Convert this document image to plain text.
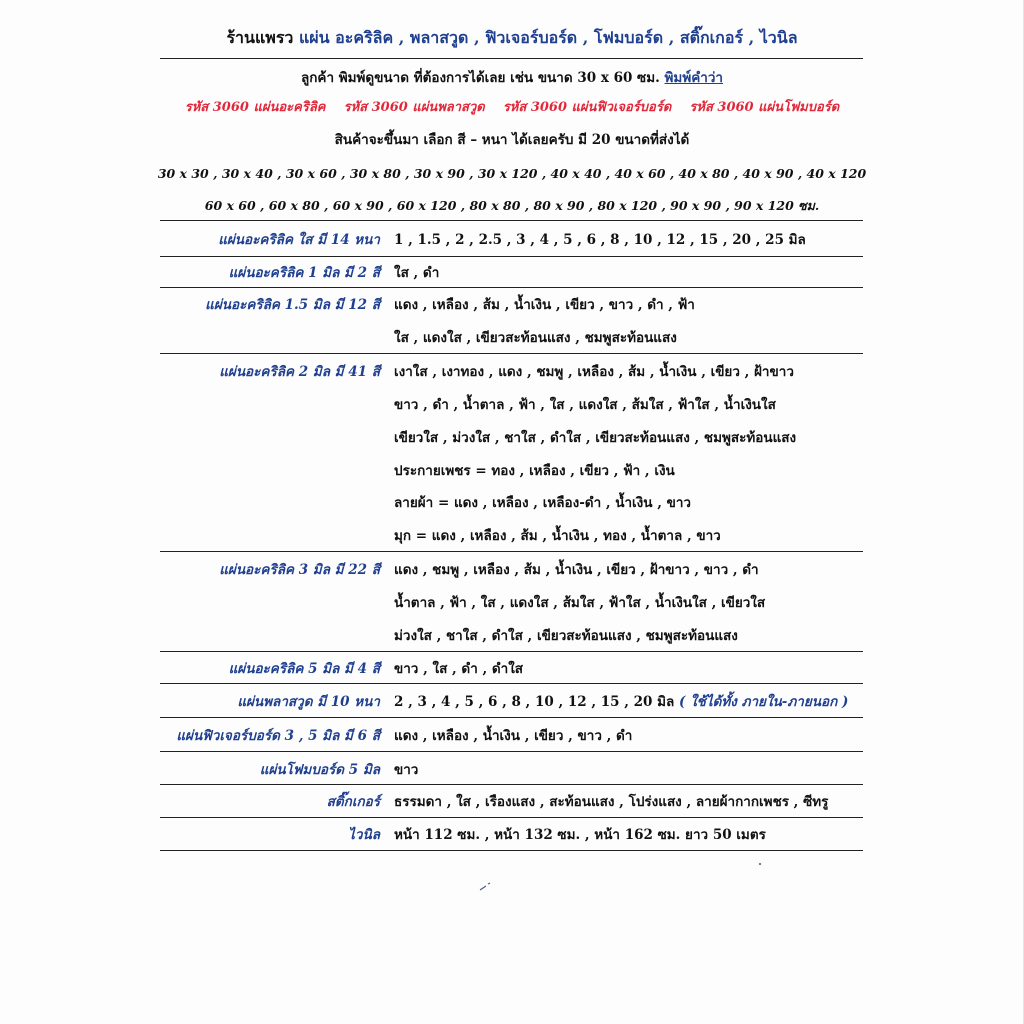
ร้านแพรว แผ่น อะคริลิค , พลาสวูด , ฟิวเจอร์บอร์ด , โฟมบอร์ด , สติ๊กเกอร์ , ไวนิล
ลูกค้า พิมพ์ดูขนาด ที่ต้องการได้เลย เช่น ขนาด 30 x 60 ซม. พิมพ์คำว่า
รหัส 3060 แผ่นอะคริลิค รหัส 3060 แผ่นพลาสวูด รหัส 3060 แผ่นฟิวเจอร์บอร์ด รหัส 3060 แผ่นโฟมบอร์ด
สินค้าจะขึ้นมา เลือก สี – หนา ได้เลยครับ มี 20 ขนาดที่ส่งได้
30 x 30 , 30 x 40 , 30 x 60 , 30 x 80 , 30 x 90 , 30 x 120 , 40 x 40 , 40 x 60 , 40 x 80 , 40 x 90 , 40 x 120
60 x 60 , 60 x 80 , 60 x 90 , 60 x 120 , 80 x 80 , 80 x 90 , 80 x 120 , 90 x 90 , 90 x 120 ซม.
แผ่นอะคริลิค ใส มี 14 หนา 1 , 1.5 , 2 , 2.5 , 3 , 4 , 5 , 6 , 8 , 10 , 12 , 15 , 20 , 25 มิล
แผ่นอะคริลิค 1 มิล มี 2 สี ใส , ดำ
แผ่นอะคริลิค 1.5 มิล มี 12 สี แดง , เหลือง , ส้ม , น้ำเงิน , เขียว , ขาว , ดำ , ฟ้า
ใส , แดงใส , เขียวสะท้อนแสง , ชมพูสะท้อนแสง
แผ่นอะคริลิค 2 มิล มี 41 สี เงาใส , เงาทอง , แดง , ชมพู , เหลือง , ส้ม , น้ำเงิน , เขียว , ฝ้าขาว
ขาว , ดำ , น้ำตาล , ฟ้า , ใส , แดงใส , ส้มใส , ฟ้าใส , น้ำเงินใส
เขียวใส , ม่วงใส , ชาใส , ดำใส , เขียวสะท้อนแสง , ชมพูสะท้อนแสง
ประกายเพชร = ทอง , เหลือง , เขียว , ฟ้า , เงิน
ลายผ้า = แดง , เหลือง , เหลือง-ดำ , น้ำเงิน , ขาว
มุก = แดง , เหลือง , ส้ม , น้ำเงิน , ทอง , น้ำตาล , ขาว
แผ่นอะคริลิค 3 มิล มี 22 สี แดง , ชมพู , เหลือง , ส้ม , น้ำเงิน , เขียว , ฝ้าขาว , ขาว , ดำ
น้ำตาล , ฟ้า , ใส , แดงใส , ส้มใส , ฟ้าใส , น้ำเงินใส , เขียวใส
ม่วงใส , ชาใส , ดำใส , เขียวสะท้อนแสง , ชมพูสะท้อนแสง
แผ่นอะคริลิค 5 มิล มี 4 สี ขาว , ใส , ดำ , ดำใส
แผ่นพลาสวูด มี 10 หนา 2 , 3 , 4 , 5 , 6 , 8 , 10 , 12 , 15 , 20 มิล ( ใช้ได้ทั้ง ภายใน-ภายนอก )
แผ่นฟิวเจอร์บอร์ด 3 , 5 มิล มี 6 สี แดง , เหลือง , น้ำเงิน , เขียว , ขาว , ดำ
แผ่นโฟมบอร์ด 5 มิล ขาว
สติ๊กเกอร์ ธรรมดา , ใส , เรืองแสง , สะท้อนแสง , โปร่งแสง , ลายผ้ากากเพชร , ซีทรู
ไวนิล หน้า 112 ซม. , หน้า 132 ซม. , หน้า 162 ซม. ยาว 50 เมตร
